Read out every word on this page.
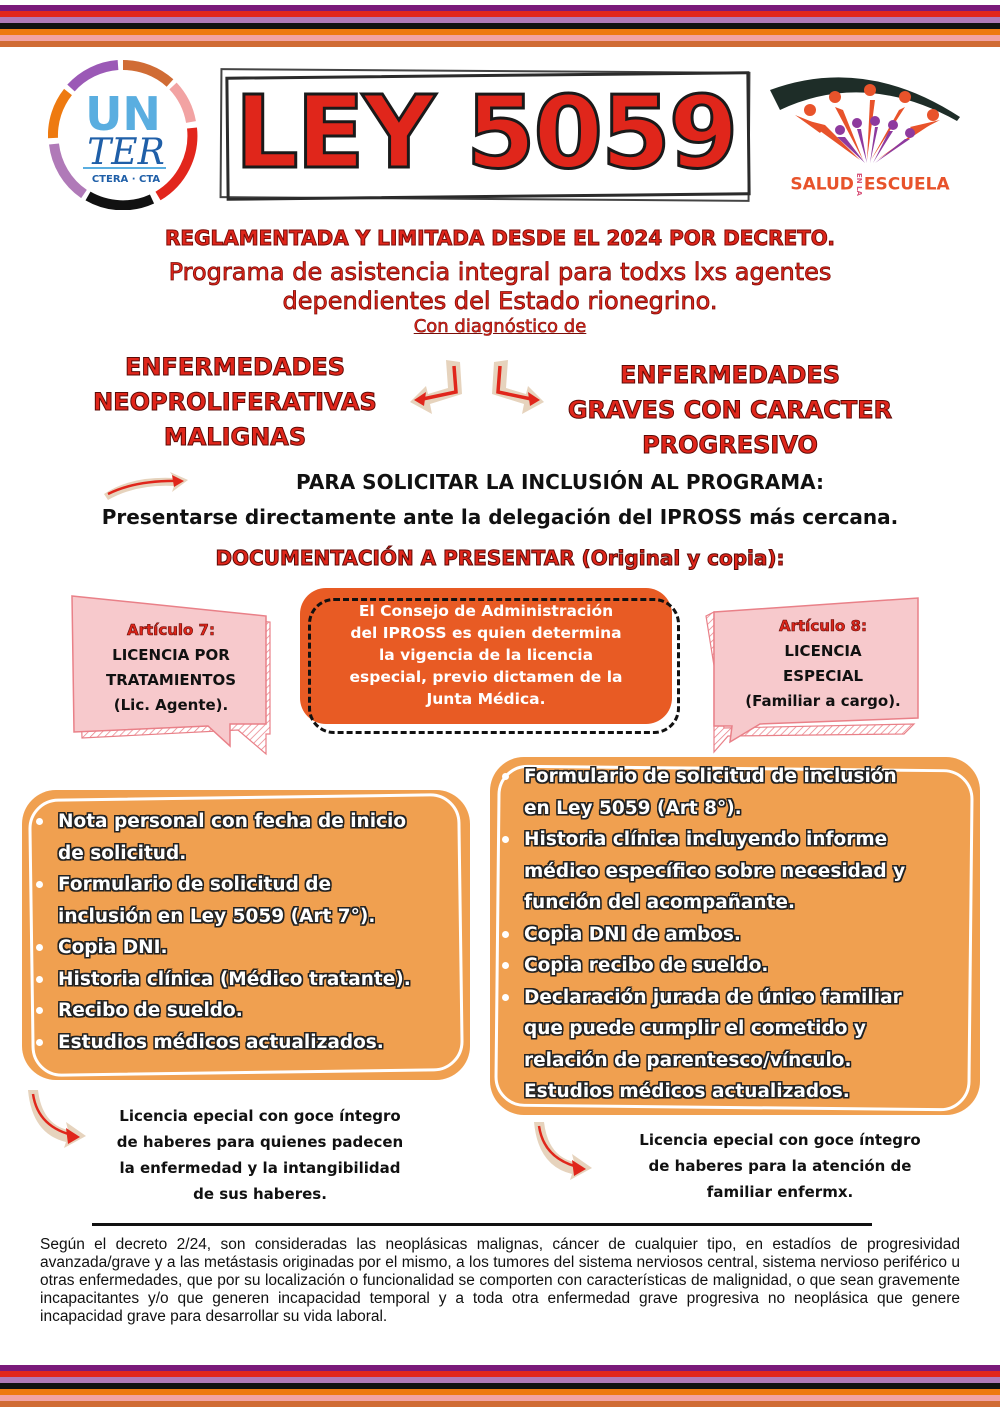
UN
TER
CTERA · CTA LEY 5059	SALUDEN LAESCUELA
REGLAMENTADA Y LIMITADA DESDE EL 2024 POR DECRETO.
Programa de asistencia integral para todxs lxs agentes
dependientes del Estado rionegrino.
Con diagnóstico de
ENFERMEDADES
NEOPROLIFERATIVAS
MALIGNAS
ENFERMEDADES
GRAVES CON CARACTER
PROGRESIVO
PARA SOLICITAR LA INCLUSIÓN AL PROGRAMA:
Presentarse directamente ante la delegación del IPROSS más cercana.
DOCUMENTACIÓN A PRESENTAR (Original y copia):
Artículo 7:
LICENCIA POR
TRATAMIENTOS
(Lic. Agente).
El Consejo de Administración
del IPROSS es quien determina
la vigencia de la licencia
especial, previo dictamen de la
Junta Médica.
Artículo 8:
LICENCIA
ESPECIAL
(Familiar a cargo).
Nota personal con fecha de inicio
de solicitud.
Formulario de solicitud de
inclusión en Ley 5059 (Art 7°).
Copia DNI.
Historia clínica (Médico tratante).
Recibo de sueldo.
Estudios médicos actualizados.
Formulario de solicitud de inclusión
en Ley 5059 (Art 8°).
Historia clínica incluyendo informe
médico específico sobre necesidad y
función del acompañante.
Copia DNI de ambos.
Copia recibo de sueldo.
Declaración jurada de único familiar
que puede cumplir el cometido y
relación de parentesco/vínculo.
Estudios médicos actualizados.
Licencia epecial con goce íntegro
de haberes para quienes padecen
la enfermedad y la intangibilidad
de sus haberes.
Licencia epecial con goce íntegro
de haberes para la atención de
familiar enfermx.
Según el decreto 2/24, son consideradas las neoplásicas malignas, cáncer de cualquier tipo, en estadíos de progresividad avanzada/grave y a las metástasis originadas por el mismo, a los tumores del sistema nerviosos central, sistema nervioso periférico u otras enfermedades, que por su localización o funcionalidad se comporten con características de malignidad, o que sean gravemente incapacitantes y/o que generen incapacidad temporal y a toda otra enfermedad grave progresiva no neoplásica que genere incapacidad grave para desarrollar su vida laboral.
